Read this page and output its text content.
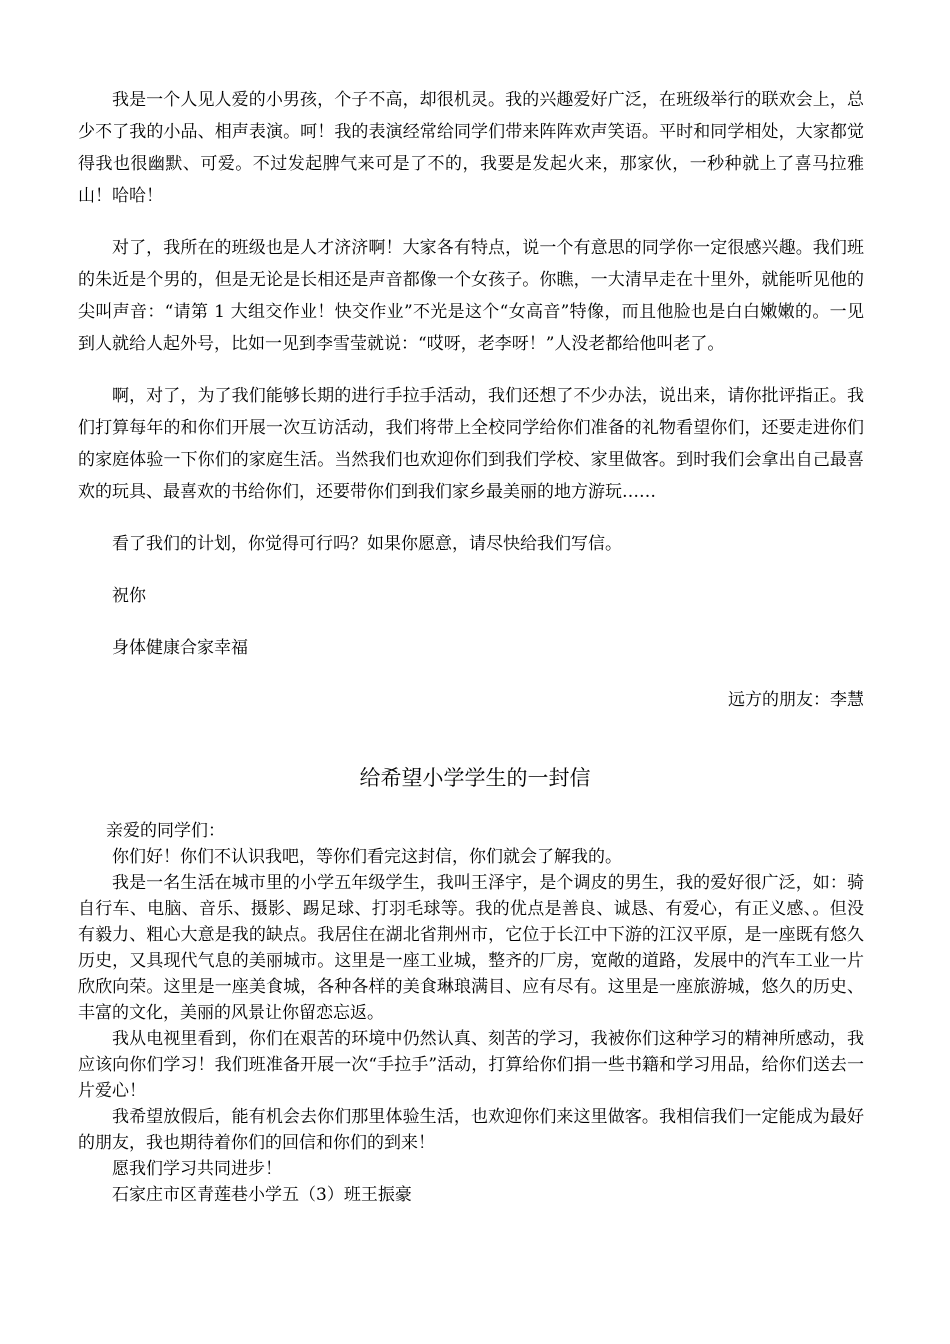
我是一个人见人爱的小男孩，个子不高，却很机灵。我的兴趣爱好广泛，在班级举行的联欢会上，总少不了我的小品、相声表演。呵！我的表演经常给同学们带来阵阵欢声笑语。平时和同学相处，大家都觉得我也很幽默、可爱。不过发起脾气来可是了不的，我要是发起火来，那家伙，一秒种就上了喜马拉雅山！哈哈！

对了，我所在的班级也是人才济济啊！大家各有特点，说一个有意思的同学你一定很感兴趣。我们班的朱近是个男的，但是无论是长相还是声音都像一个女孩子。你瞧，一大清早走在十里外，就能听见他的尖叫声音：“请第 1 大组交作业！快交作业”不光是这个“女高音”特像，而且他脸也是白白嫩嫩的。一见到人就给人起外号，比如一见到李雪莹就说：“哎呀，老李呀！”人没老都给他叫老了。

啊，对了，为了我们能够长期的进行手拉手活动，我们还想了不少办法，说出来，请你批评指正。我们打算每年的和你们开展一次互访活动，我们将带上全校同学给你们准备的礼物看望你们，还要走进你们的家庭体验一下你们的家庭生活。当然我们也欢迎你们到我们学校、家里做客。到时我们会拿出自己最喜欢的玩具、最喜欢的书给你们，还要带你们到我们家乡最美丽的地方游玩……

看了我们的计划，你觉得可行吗？如果你愿意，请尽快给我们写信。

祝你

身体健康合家幸福

远方的朋友：李慧

给希望小学学生的一封信

亲爱的同学们：

你们好！你们不认识我吧，等你们看完这封信，你们就会了解我的。

我是一名生活在城市里的小学五年级学生，我叫王泽宇，是个调皮的男生，我的爱好很广泛，如：骑自行车、电脑、音乐、摄影、踢足球、打羽毛球等。我的优点是善良、诚恳、有爱心，有正义感、。但没有毅力、粗心大意是我的缺点。我居住在湖北省荆州市，它位于长江中下游的江汉平原，是一座既有悠久历史，又具现代气息的美丽城市。这里是一座工业城，整齐的厂房，宽敞的道路，发展中的汽车工业一片欣欣向荣。这里是一座美食城，各种各样的美食琳琅满目、应有尽有。这里是一座旅游城，悠久的历史、丰富的文化，美丽的风景让你留恋忘返。

我从电视里看到，你们在艰苦的环境中仍然认真、刻苦的学习，我被你们这种学习的精神所感动，我应该向你们学习！我们班准备开展一次“手拉手”活动，打算给你们捐一些书籍和学习用品，给你们送去一片爱心！

我希望放假后，能有机会去你们那里体验生活，也欢迎你们来这里做客。我相信我们一定能成为最好的朋友，我也期待着你们的回信和你们的到来！

愿我们学习共同进步！

石家庄市区青莲巷小学五（3）班王振豪
